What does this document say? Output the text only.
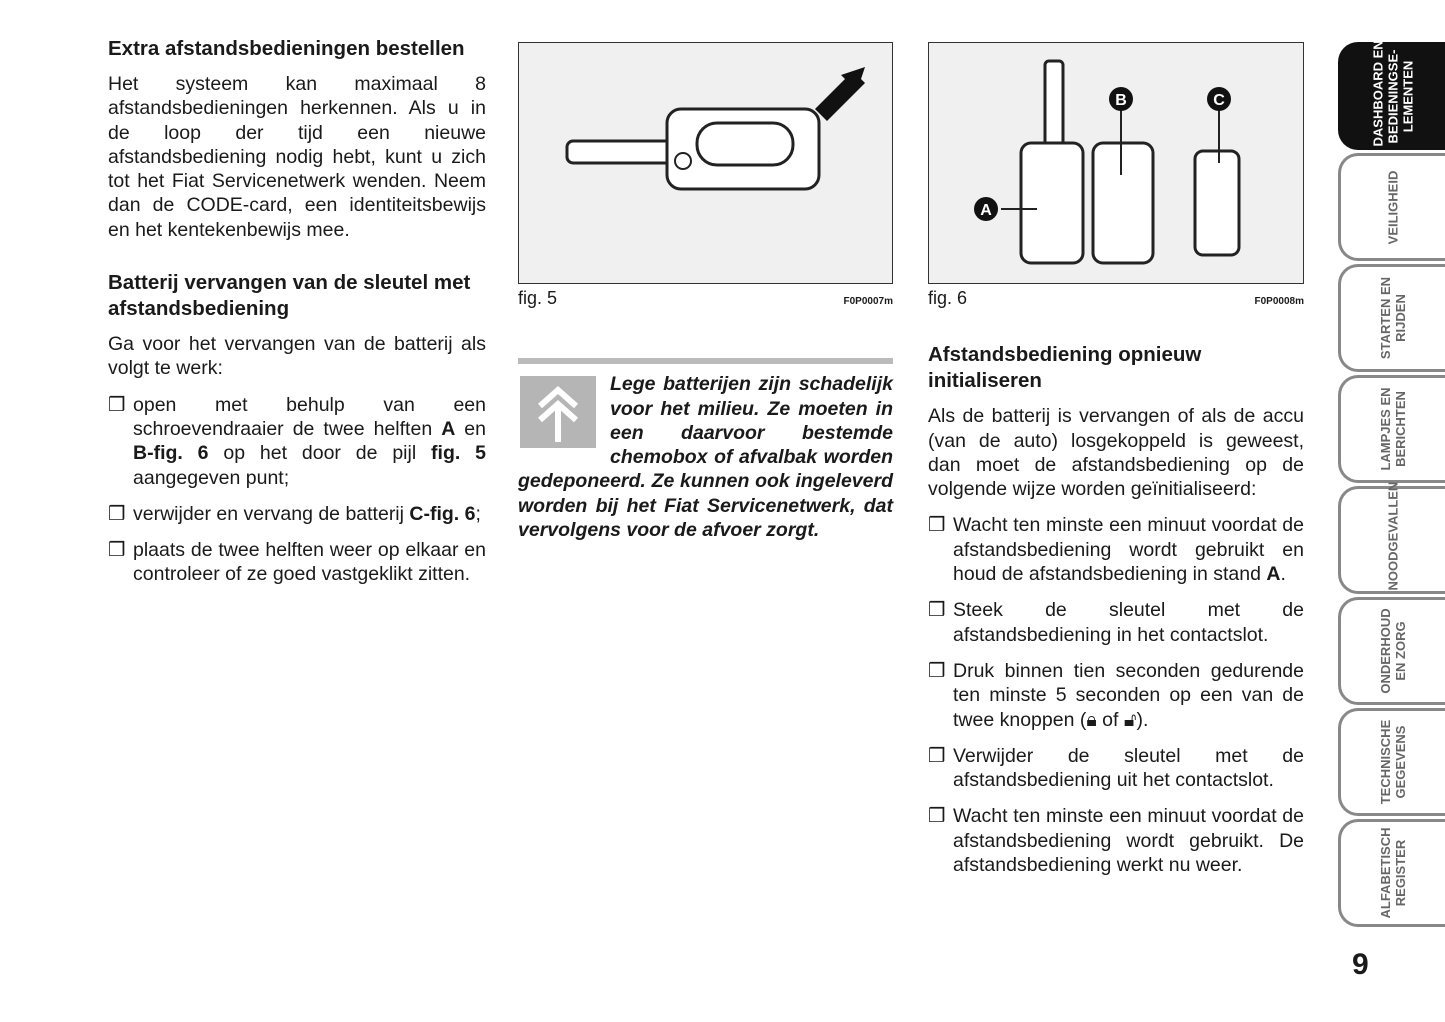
Extra afstandsbedieningen bestellen

Het systeem kan maximaal 8 afstandsbedieningen herkennen. Als u in de loop der tijd een nieuwe afstandsbediening nodig hebt, kunt u zich tot het Fiat Servicenetwerk wenden. Neem dan de CODE-card, een identiteitsbewijs en het kentekenbewijs mee.

Batterij vervangen van de sleutel met afstandsbediening

Ga voor het vervangen van de batterij als volgt te werk:

❒ open met behulp van een schroevendraaier de twee helften A en B-fig. 6 op het door de pijl fig. 5 aangegeven punt;
❒ verwijder en vervang de batterij C-fig. 6;
❒ plaats de twee helften weer op elkaar en controleer of ze goed vastgeklikt zitten.
fig. 5	F0P0007m
Lege batterijen zijn schadelijk voor het milieu. Ze moeten in een daarvoor bestemde chemobox of afvalbak worden gedeponeerd. Ze kunnen ook ingeleverd worden bij het Fiat Servicenetwerk, dat vervolgens voor de afvoer zorgt.
A
B	C
fig. 6	F0P0008m
Afstandsbediening opnieuw initialiseren

Als de batterij is vervangen of als de accu (van de auto) losgekoppeld is geweest, dan moet de afstandsbediening op de volgende wijze worden geïnitialiseerd:

❒ Wacht ten minste een minuut voordat de afstandsbediening wordt gebruikt en houd de afstandsbediening in stand A.
❒ Steek de sleutel met de afstandsbediening in het contactslot.
❒ Druk binnen tien seconden gedurende ten minste 5 seconden op een van de twee knoppen (🔒︎ of 🔓︎).
❒ Verwijder de sleutel met de afstandsbediening uit het contactslot.
❒ Wacht ten minste een minuut voordat de afstandsbediening wordt gebruikt. De afstandsbediening werkt nu weer.
DASHBOARD EN
BEDIENINGSE-
LEMENTEN
VEILIGHEID
STARTEN EN
RIJDEN
LAMPJES EN
BERICHTEN
NOODGEVALLEN
ONDERHOUD
EN ZORG
TECHNISCHE
GEGEVENS
ALFABETISCH
REGISTER
9
